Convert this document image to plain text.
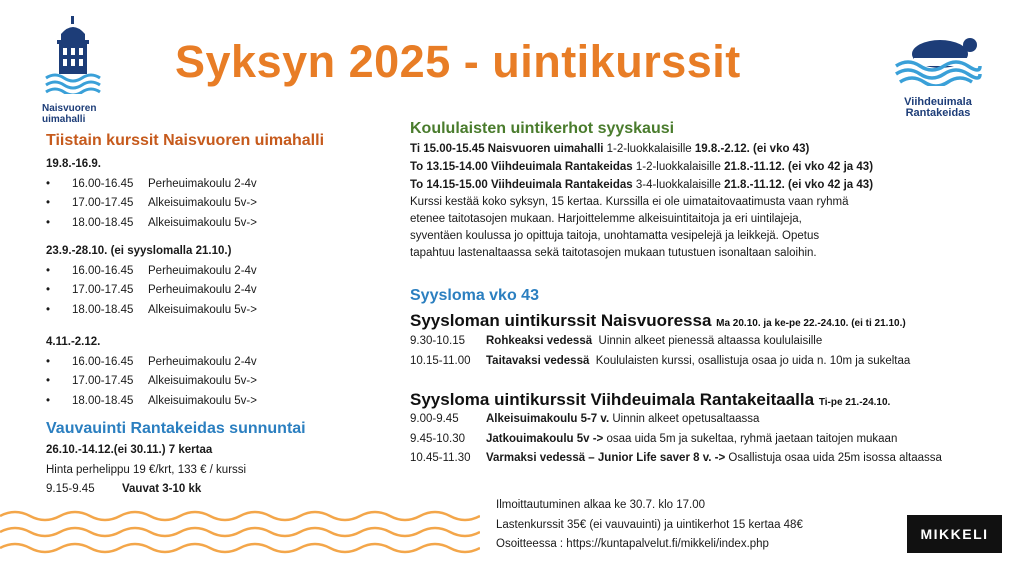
Naisvuoren
uimahalli
Syksyn 2025 - uintikurssit
Viihdeuimala
Rantakeidas
Tiistain kurssit Naisvuoren uimahalli
19.8.-16.9.
• 16.00-16.45 Perheuimakoulu 2-4v
• 17.00-17.45 Alkeisuimakoulu 5v->
• 18.00-18.45 Alkeisuimakoulu 5v->
23.9.-28.10. (ei syyslomalla 21.10.)
• 16.00-16.45 Perheuimakoulu 2-4v
• 17.00-17.45 Perheuimakoulu 2-4v
• 18.00-18.45 Alkeisuimakoulu 5v->
4.11.-2.12.
• 16.00-16.45 Perheuimakoulu 2-4v
• 17.00-17.45 Alkeisuimakoulu 5v->
• 18.00-18.45 Alkeisuimakoulu 5v->
Vauvauinti Rantakeidas sunnuntai
26.10.-14.12.(ei 30.11.) 7 kertaa
Hinta perhelippu 19 €/krt, 133 € / kurssi
9.15-9.45 Vauvat 3-10 kk
Koululaisten uintikerhot syyskausi
Ti 15.00-15.45 Naisvuoren uimahalli 1-2-luokkalaisille 19.8.-2.12. (ei vko 43)
To 13.15-14.00 Viihdeuimala Rantakeidas 1-2-luokkalaisille 21.8.-11.12. (ei vko 42 ja 43)
To 14.15-15.00 Viihdeuimala Rantakeidas 3-4-luokkalaisille 21.8.-11.12. (ei vko 42 ja 43)
Kurssi kestää koko syksyn, 15 kertaa. Kurssilla ei ole uimataitovaatimusta vaan ryhmä
etenee taitotasojen mukaan. Harjoittelemme alkeisuintitaitoja ja eri uintilajeja,
syventäen koulussa jo opittuja taitoja, unohtamatta vesipelejä ja leikkejä. Opetus
tapahtuu lastenaltaassa sekä taitotasojen mukaan tutustuen isonaltaan saloihin.
Syysloma vko 43
Syysloman uintikurssit Naisvuoressa Ma 20.10. ja ke-pe 22.-24.10. (ei ti 21.10.)
9.30-10.15 Rohkeaksi vedessä Uinnin alkeet pienessä altaassa koululaisille
10.15-11.00 Taitavaksi vedessä Koululaisten kurssi, osallistuja osaa jo uida n. 10m ja sukeltaa
Syysloma uintikurssit Viihdeuimala Rantakeitaalla Ti-pe 21.-24.10.
9.00-9.45 Alkeisuimakoulu 5-7 v. Uinnin alkeet opetusaltaassa
9.45-10.30 Jatkouimakoulu 5v -> osaa uida 5m ja sukeltaa, ryhmä jaetaan taitojen mukaan
10.45-11.30 Varmaksi vedessä – Junior Life saver 8 v. -> Osallistuja osaa uida 25m isossa altaassa
Ilmoittautuminen alkaa ke 30.7. klo 17.00
Lastenkurssit 35€ (ei vauvauinti) ja uintikerhot 15 kertaa 48€
Osoitteessa : https://kuntapalvelut.fi/mikkeli/index.php
MIKKELI
